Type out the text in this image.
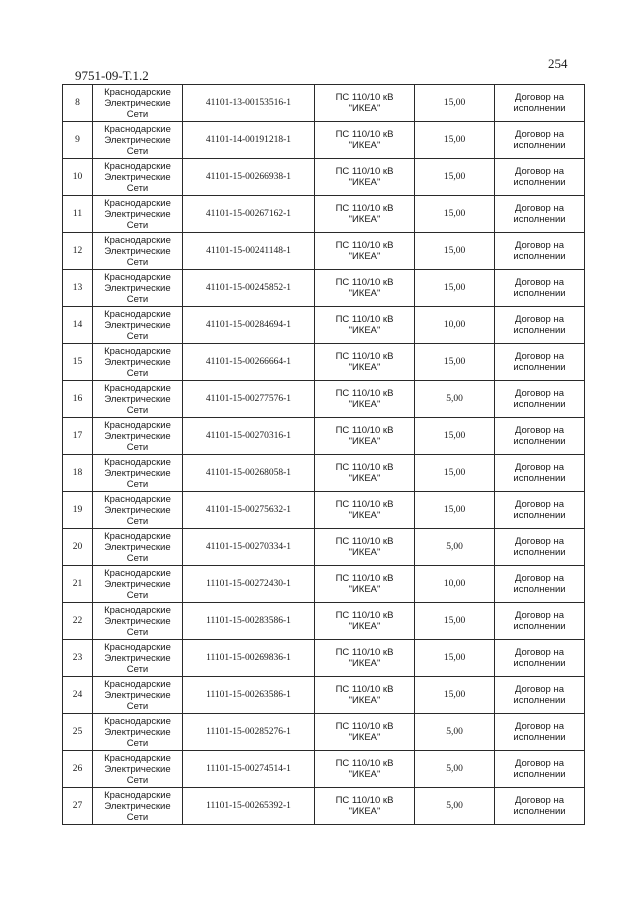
254
9751-09-Т.1.2
8	Краснодарские
Электрические
Сети	41101-13-00153516-1	ПС 110/10 кВ
"ИКЕА"	15,00	Договор на
исполнении

9	Краснодарские
Электрические
Сети	41101-14-00191218-1	ПС 110/10 кВ
"ИКЕА"	15,00	Договор на
исполнении

10	Краснодарские
Электрические
Сети	41101-15-00266938-1	ПС 110/10 кВ
"ИКЕА"	15,00	Договор на
исполнении

11	Краснодарские
Электрические
Сети	41101-15-00267162-1	ПС 110/10 кВ
"ИКЕА"	15,00	Договор на
исполнении

12	Краснодарские
Электрические
Сети	41101-15-00241148-1	ПС 110/10 кВ
"ИКЕА"	15,00	Договор на
исполнении

13	Краснодарские
Электрические
Сети	41101-15-00245852-1	ПС 110/10 кВ
"ИКЕА"	15,00	Договор на
исполнении

14	Краснодарские
Электрические
Сети	41101-15-00284694-1	ПС 110/10 кВ
"ИКЕА"	10,00	Договор на
исполнении

15	Краснодарские
Электрические
Сети	41101-15-00266664-1	ПС 110/10 кВ
"ИКЕА"	15,00	Договор на
исполнении

16	Краснодарские
Электрические
Сети	41101-15-00277576-1	ПС 110/10 кВ
"ИКЕА"	5,00	Договор на
исполнении

17	Краснодарские
Электрические
Сети	41101-15-00270316-1	ПС 110/10 кВ
"ИКЕА"	15,00	Договор на
исполнении

18	Краснодарские
Электрические
Сети	41101-15-00268058-1	ПС 110/10 кВ
"ИКЕА"	15,00	Договор на
исполнении

19	Краснодарские
Электрические
Сети	41101-15-00275632-1	ПС 110/10 кВ
"ИКЕА"	15,00	Договор на
исполнении

20	Краснодарские
Электрические
Сети	41101-15-00270334-1	ПС 110/10 кВ
"ИКЕА"	5,00	Договор на
исполнении

21	Краснодарские
Электрические
Сети	11101-15-00272430-1	ПС 110/10 кВ
"ИКЕА"	10,00	Договор на
исполнении

22	Краснодарские
Электрические
Сети	11101-15-00283586-1	ПС 110/10 кВ
"ИКЕА"	15,00	Договор на
исполнении

23	Краснодарские
Электрические
Сети	11101-15-00269836-1	ПС 110/10 кВ
"ИКЕА"	15,00	Договор на
исполнении

24	Краснодарские
Электрические
Сети	11101-15-00263586-1	ПС 110/10 кВ
"ИКЕА"	15,00	Договор на
исполнении

25	Краснодарские
Электрические
Сети	11101-15-00285276-1	ПС 110/10 кВ
"ИКЕА"	5,00	Договор на
исполнении

26	Краснодарские
Электрические
Сети	11101-15-00274514-1	ПС 110/10 кВ
"ИКЕА"	5,00	Договор на
исполнении

27	Краснодарские
Электрические
Сети	11101-15-00265392-1	ПС 110/10 кВ
"ИКЕА"	5,00	Договор на
исполнении
